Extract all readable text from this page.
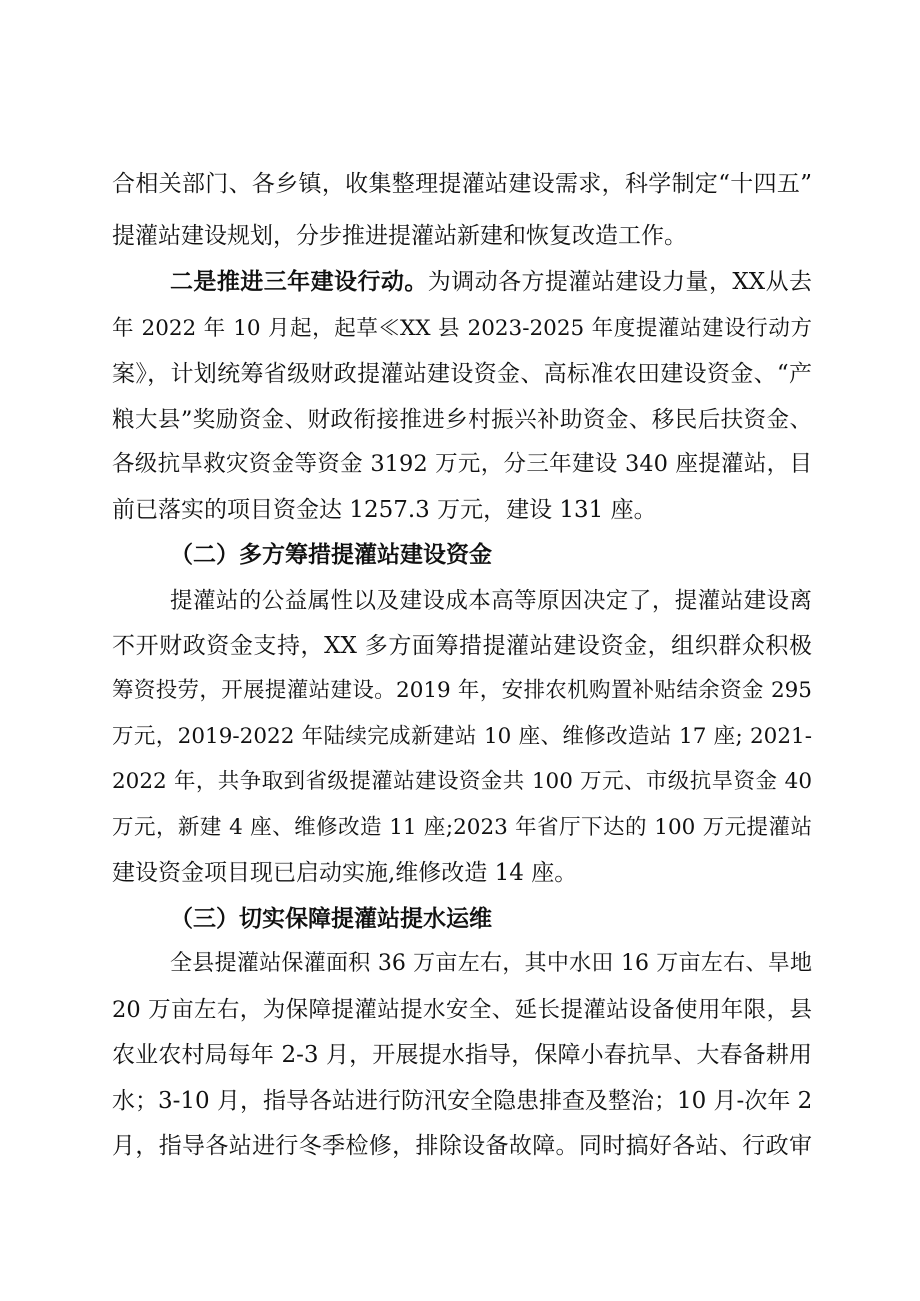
合相关部门、各乡镇，收集整理提灌站建设需求，科学制定“十四五”
提灌站建设规划，分步推进提灌站新建和恢复改造工作。
二是推进三年建设行动。为调动各方提灌站建设力量，XX从去
年 2022 年 10 月起，起草≪XX 县 2023-2025 年度提灌站建设行动方
案》，计划统筹省级财政提灌站建设资金、高标准农田建设资金、“产
粮大县”奖励资金、财政衔接推进乡村振兴补助资金、移民后扶资金、
各级抗旱救灾资金等资金 3192 万元，分三年建设 340 座提灌站，目
前已落实的项目资金达 1257.3 万元，建设 131 座。
（二）多方筹措提灌站建设资金
提灌站的公益属性以及建设成本高等原因决定了，提灌站建设离
不开财政资金支持，XX 多方面筹措提灌站建设资金，组织群众积极
筹资投劳，开展提灌站建设。2019 年，安排农机购置补贴结余资金 295
万元，2019-2022 年陆续完成新建站 10 座、维修改造站 17 座; 2021-
2022 年，共争取到省级提灌站建设资金共 100 万元、市级抗旱资金 40
万元，新建 4 座、维修改造 11 座;2023 年省厅下达的 100 万元提灌站
建设资金项目现已启动实施,维修改造 14 座。
（三）切实保障提灌站提水运维
全县提灌站保灌面积 36 万亩左右，其中水田 16 万亩左右、旱地
20 万亩左右，为保障提灌站提水安全、延长提灌站设备使用年限，县
农业农村局每年 2-3 月，开展提水指导，保障小春抗旱、大春备耕用
水；3-10 月，指导各站进行防汛安全隐患排查及整治；10 月-次年 2
月，指导各站进行冬季检修，排除设备故障。同时搞好各站、行政审
